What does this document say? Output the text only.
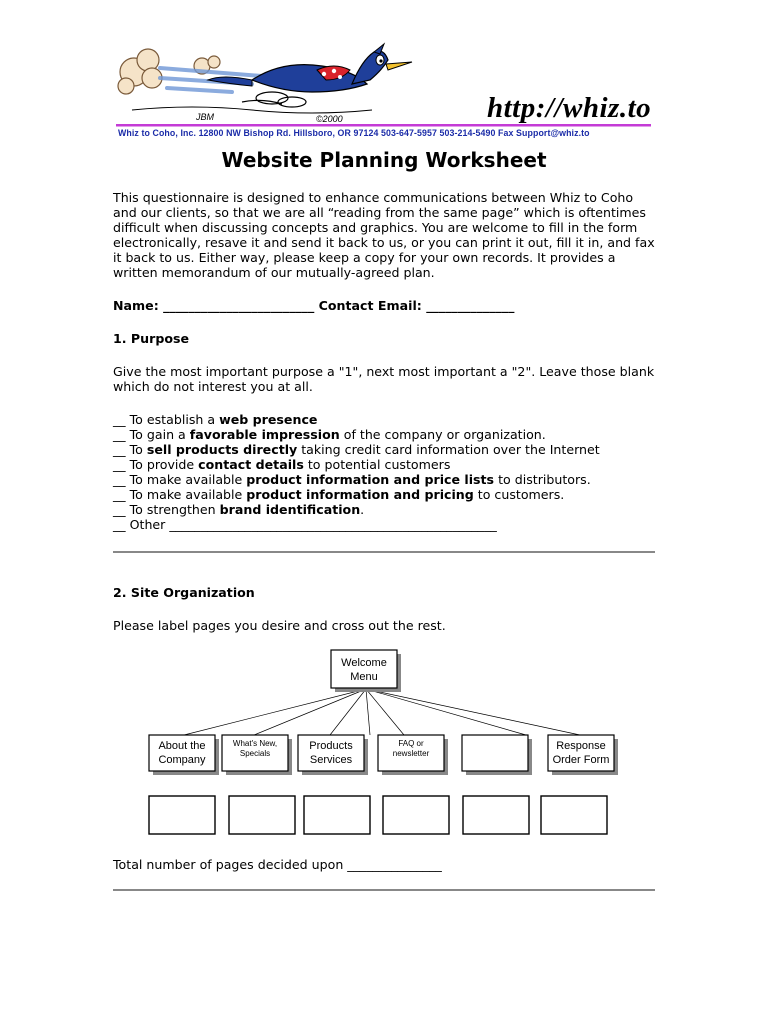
JBM	©2000	http://whiz.to
Whiz to Coho, Inc. 12800 NW Bishop Rd. Hillsboro, OR 97124 503-647-5957 503-214-5490 Fax Support@whiz.to
Website Planning Worksheet
This questionnaire is designed to enhance communications between Whiz to Coho
and our clients, so that we are all “reading from the same page” which is oftentimes
difficult when discussing concepts and graphics. You are welcome to fill in the form
electronically, resave it and send it back to us, or you can print it out, fill it in, and fax
it back to us. Either way, please keep a copy for your own records. It provides a
written memorandum of our mutually-agreed plan.
Name: ________________________ Contact Email: ______________
1. Purpose
Give the most important purpose a "1", next most important a "2". Leave those blank
which do not interest you at all.
__ To establish a web presence
__ To gain a favorable impression of the company or organization.
__ To sell products directly taking credit card information over the Internet
__ To provide contact details to potential customers
__ To make available product information and price lists to distributors.
__ To make available product information and pricing to customers.
__ To strengthen brand identification.
__ Other ____________________________________________________
2. Site Organization
Please label pages you desire and cross out the rest.
Welcome
Menu
About the
Company
What's New,
Specials
Products
Services
FAQ or
newsletter
Response
Order Form
Total number of pages decided upon _______________
